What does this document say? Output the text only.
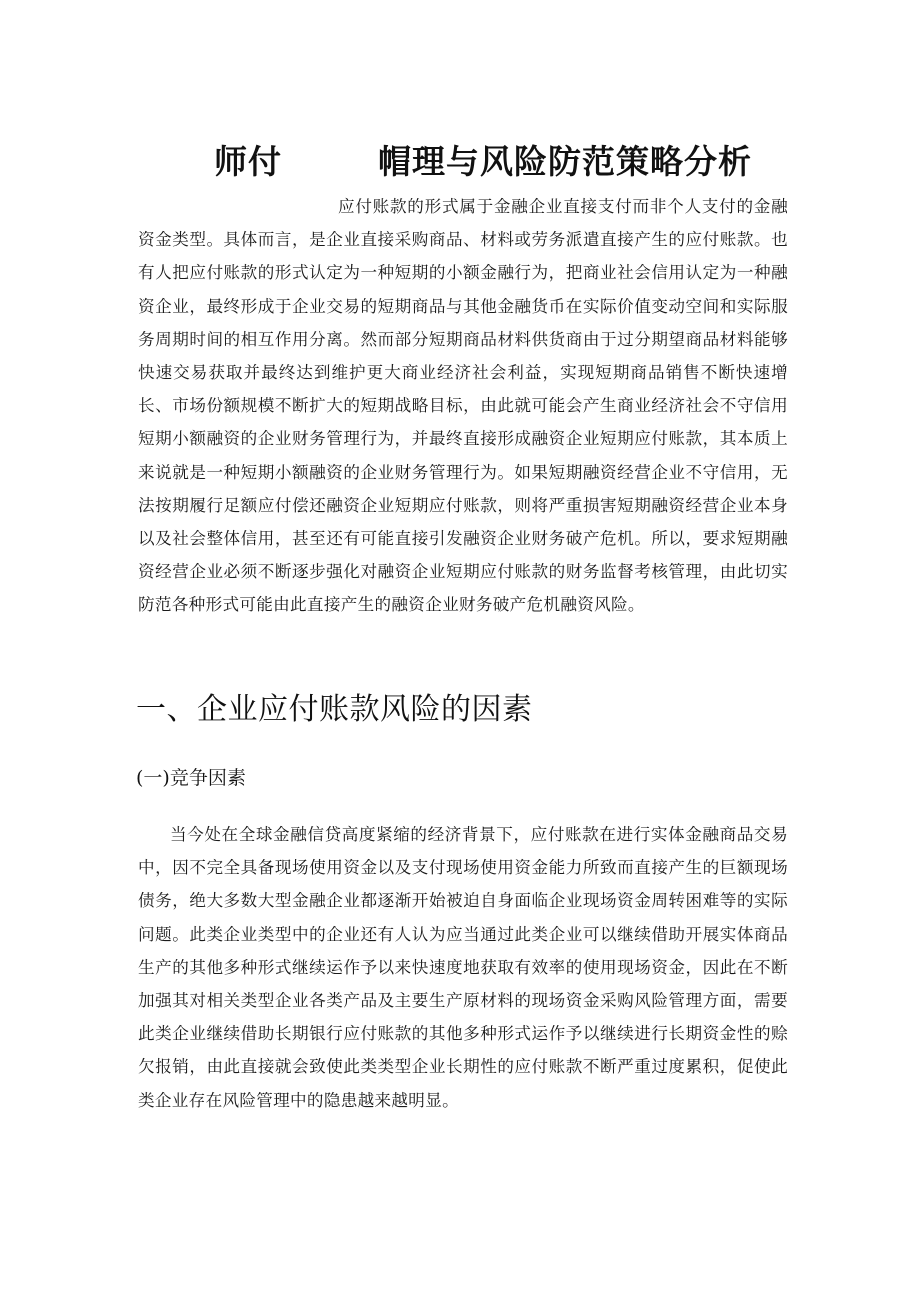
师付	帽理与风险防范策略分析

应付账款的形式属于金融企业直接支付而非个人支付的金融资金类型。具体而言，是企业直接采购商品、材料或劳务派遣直接产生的应付账款。也有人把应付账款的形式认定为一种短期的小额金融行为，把商业社会信用认定为一种融资企业，最终形成于企业交易的短期商品与其他金融货币在实际价值变动空间和实际服务周期时间的相互作用分离。然而部分短期商品材料供货商由于过分期望商品材料能够快速交易获取并最终达到维护更大商业经济社会利益，实现短期商品销售不断快速增长、市场份额规模不断扩大的短期战略目标，由此就可能会产生商业经济社会不守信用短期小额融资的企业财务管理行为，并最终直接形成融资企业短期应付账款，其本质上来说就是一种短期小额融资的企业财务管理行为。如果短期融资经营企业不守信用，无法按期履行足额应付偿还融资企业短期应付账款，则将严重损害短期融资经营企业本身以及社会整体信用，甚至还有可能直接引发融资企业财务破产危机。所以，要求短期融资经营企业必须不断逐步强化对融资企业短期应付账款的财务监督考核管理，由此切实防范各种形式可能由此直接产生的融资企业财务破产危机融资风险。

一、企业应付账款风险的因素
(一)竞争因素

当今处在全球金融信贷高度紧缩的经济背景下，应付账款在进行实体金融商品交易中，因不完全具备现场使用资金以及支付现场使用资金能力所致而直接产生的巨额现场债务，绝大多数大型金融企业都逐渐开始被迫自身面临企业现场资金周转困难等的实际问题。此类企业类型中的企业还有人认为应当通过此类企业可以继续借助开展实体商品生产的其他多种形式继续运作予以来快速度地获取有效率的使用现场资金，因此在不断加强其对相关类型企业各类产品及主要生产原材料的现场资金采购风险管理方面，需要此类企业继续借助长期银行应付账款的其他多种形式运作予以继续进行长期资金性的赊欠报销，由此直接就会致使此类类型企业长期性的应付账款不断严重过度累积，促使此类企业存在风险管理中的隐患越来越明显。
